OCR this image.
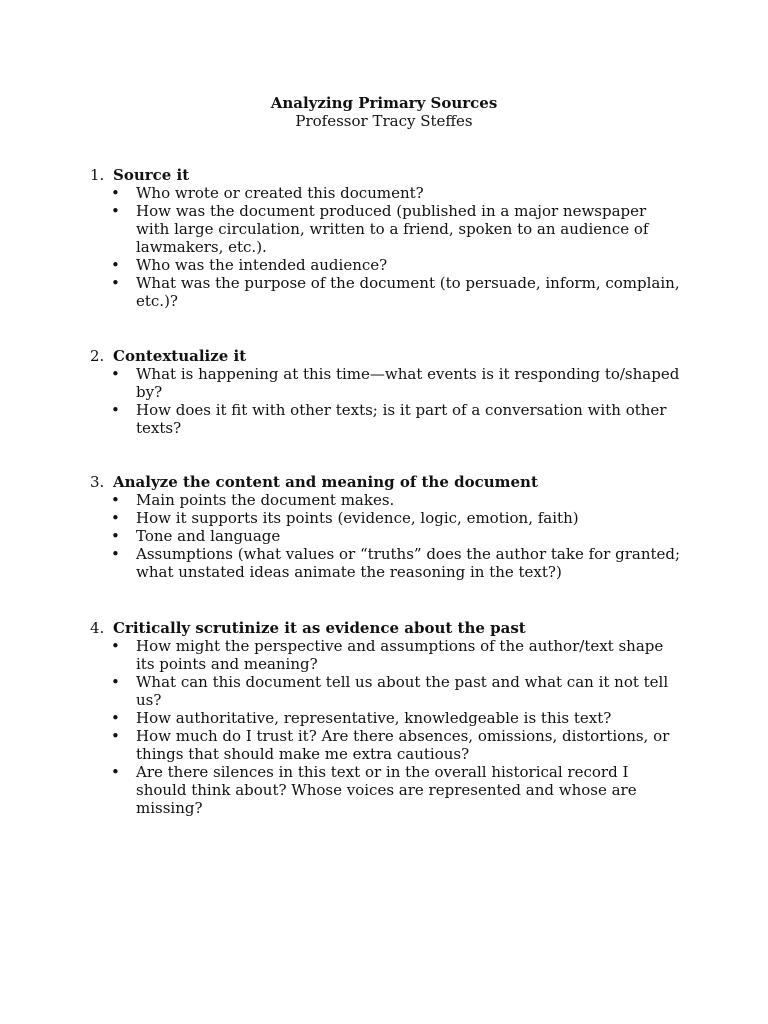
Analyzing Primary Sources
Professor Tracy Steffes
1. Source it
•	Who wrote or created this document?
•	How was the document produced (published in a major newspaper with large circulation, written to a friend, spoken to an audience of lawmakers, etc.).
•	Who was the intended audience?
•	What was the purpose of the document (to persuade, inform, complain, etc.)?
2. Contextualize it
•	What is happening at this time—what events is it responding to/shaped by?
•	How does it fit with other texts; is it part of a conversation with other texts?
3. Analyze the content and meaning of the document
•	Main points the document makes.
•	How it supports its points (evidence, logic, emotion, faith)
•	Tone and language
•	Assumptions (what values or “truths” does the author take for granted; what unstated ideas animate the reasoning in the text?)
4. Critically scrutinize it as evidence about the past
•	How might the perspective and assumptions of the author/text shape its points and meaning?
•	What can this document tell us about the past and what can it not tell us?
•	How authoritative, representative, knowledgeable is this text?
•	How much do I trust it? Are there absences, omissions, distortions, or things that should make me extra cautious?
•	Are there silences in this text or in the overall historical record I should think about? Whose voices are represented and whose are missing?
